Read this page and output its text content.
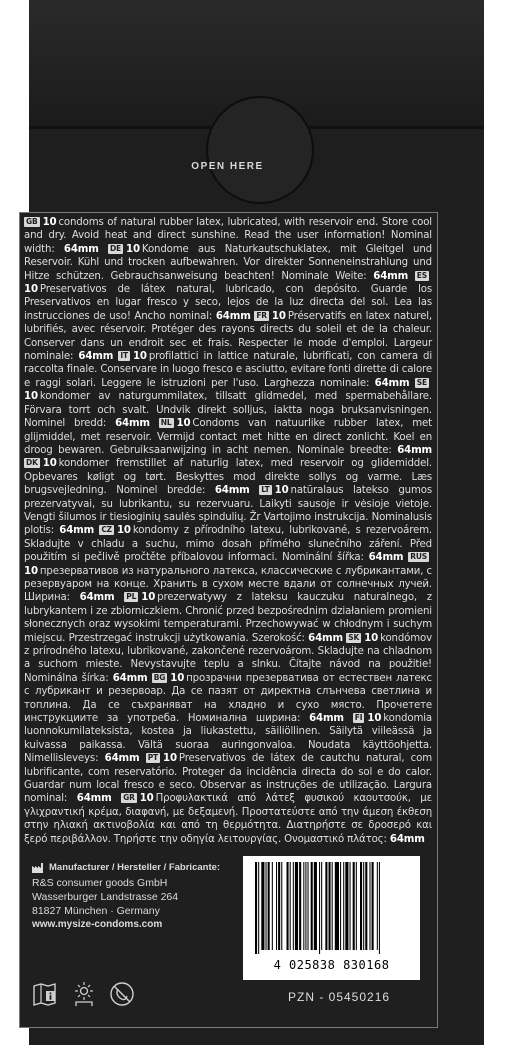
OPEN HERE
GB 10 condoms of natural rubber latex, lubricated, with reservoir end. Store cool and dry. Avoid heat and direct sunshine. Read the user information! Nominal width: 64mm DE 10 Kondome aus Naturkautschuklatex, mit Gleitgel und Reservoir. Kühl und trocken aufbewahren. Vor direkter Sonneneinstrahlung und Hitze schützen. Gebrauchsanweisung beachten! Nominale Weite: 64mm ES10 Preservativos de látex natural, lubricado, con depósito. Guarde los Preservativos en lugar fresco y seco, lejos de la luz directa del sol. Lea las instrucciones de uso! Ancho nominal: 64mm FR 10 Préservatifs en latex naturel, lubrifiés, avec réservoir. Protéger des rayons directs du soleil et de la chaleur. Conserver dans un endroit sec et frais. Respecter le mode d'emploi. Largeur nominale: 64mm IT 10 profilattici in lattice naturale, lubrificati, con camera di raccolta finale. Conservare in luogo fresco e asciutto, evitare fonti dirette di calore e raggi solari. Leggere le istruzioni per l'uso. Larghezza nominale: 64mm SE10 kondomer av naturgummilatex, tillsatt glidmedel, med spermabehållare. Förvara torrt och svalt. Undvik direkt solljus, iaktta noga bruksanvisningen. Nominel bredd: 64mm NL 10 Condoms van natuurlike rubber latex, met glijmiddel, met reservoir. Vermijd contact met hitte en direct zonlicht. Koel en droog bewaren. Gebruiksaanwijzing in acht nemen. Nominale breedte: 64mm DK 10 kondomer fremstillet af naturlig latex, med reservoir og glidemiddel. Opbevares køligt og tørt. Beskyttes mod direkte sollys og varme. Læs brugsvejledning. Nominel bredde: 64mm LT 10 natūralaus latekso gumos prezervatyvai, su lubrikantu, su rezervuaru. Laikyti sausoje ir vėsioje vietoje. Vengti šilumos ir tiesioginių saulės spindulių. Žr Vartojimo instrukcija. Nominalusis plotis: 64mm CZ 10 kondomy z přírodního latexu, lubrikované, s rezervoárem. Skladujte v chladu a suchu, mimo dosah přímého slunečního záření. Před použitím si pečlivě pročtěte příbalovou informaci. Nominální šířka: 64mm RUS10 презервативов из натурального латекса, классические с лубрикантами, с резервуаром на конце. Хранить в сухом месте вдали от солнечных лучей. Ширина: 64mm PL 10 prezerwatywy z lateksu kauczuku naturalnego, z lubrykantem i ze zbiorniczkiem. Chronić przed bezpośrednim działaniem promieni słonecznych oraz wysokimi temperaturami. Przechowywać w chłodnym i suchym miejscu. Przestrzegać instrukcji użytkowania. Szerokość: 64mm SK 10 kondómov z prírodného latexu, lubrikované, zakončené rezervoárom. Skladujte na chladnom a suchom mieste. Nevystavujte teplu a slnku. Čítajte návod na použitie! Nominálna šírka: 64mm BG 10 прозрачни презерватива от естествен латекс с лубрикант и резервоар. Да се пазят от директна слънчева светлина и топлина. Да се съхраняват на хладно и сухо място. Прочетете инструкциите за употреба. Номинална ширина: 64mm FI 10 kondomia luonnokumilateksista, kostea ja liukastettu, säiliöllinen. Säilytä viileässä ja kuivassa paikassa. Vältä suoraa auringonvaloa. Noudata käyttöohjetta. Nimellisleveys: 64mm PT 10 Preservativos de látex de cautchu natural, com lubrificante, com reservatório. Proteger da incidência directa do sol e do calor. Guardar num local fresco e seco. Observar as instruções de utilização. Largura nominal: 64mm GR 10 Προφυλακτικά από λάτεξ φυσικού καουτσούκ, με γλιχραντική κρέμα, διαφανή, με δεξαμενή. Προστατεύστε από την άμεση έκθεση στην ηλιακή ακτινοβολία και από τη θερμότητα. Διατηρήστε σε δροσερό και ξερό περιβάλλον. Τηρήστε την οδηγία λειτουργίας. Ονομαστικό πλάτος: 64mm
Manufacturer / Hersteller / Fabricante:
R&S consumer goods GmbH
Wasserburger Landstrasse 264
81827 München · Germany
www.mysize-condoms.com
4 025838 830168
PZN - 05450216
